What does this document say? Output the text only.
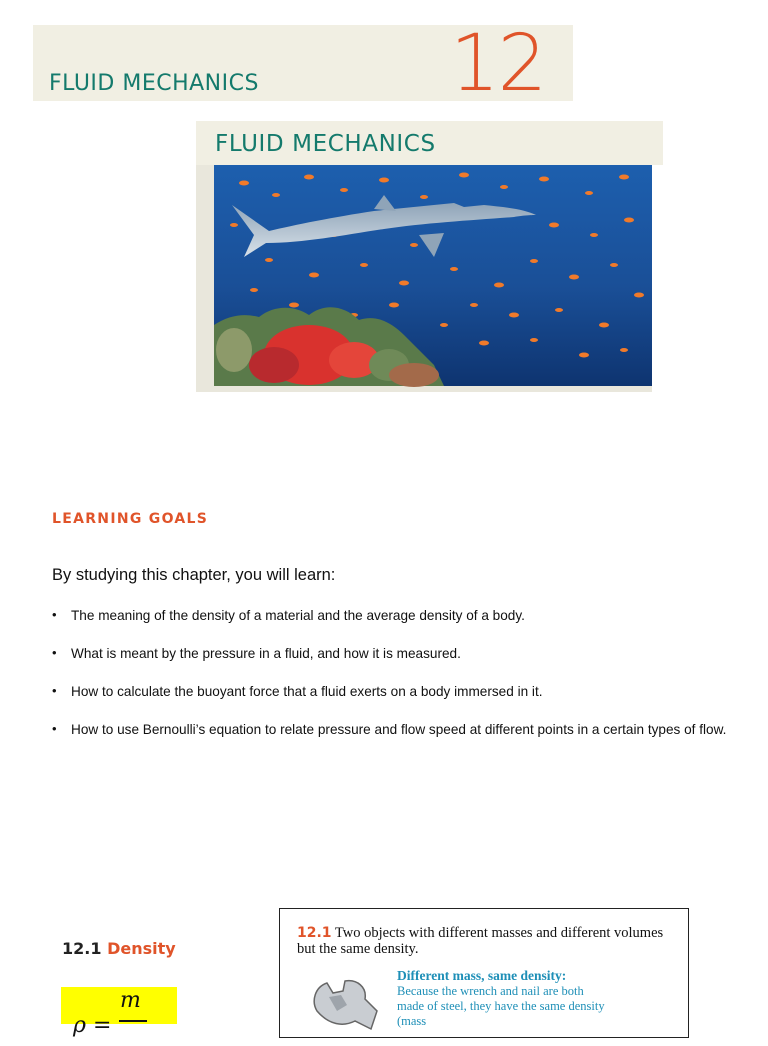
FLUID MECHANICS 12
FLUID MECHANICS
LEARNING GOALS
By studying this chapter, you will learn:
• The meaning of the density of a material and the average density of a body.
• What is meant by the pressure in a fluid, and how it is measured.
• How to calculate the buoyant force that a fluid exerts on a body immersed in it.
• How to use Bernoulli’s equation to relate pressure and flow speed at different points in a certain types of flow.
12.1 Density
m
ρ =
12.1 Two objects with different masses and different volumes but the same density.
Different mass, same density:
Because the wrench and nail are both made of steel, they have the same density (mass
